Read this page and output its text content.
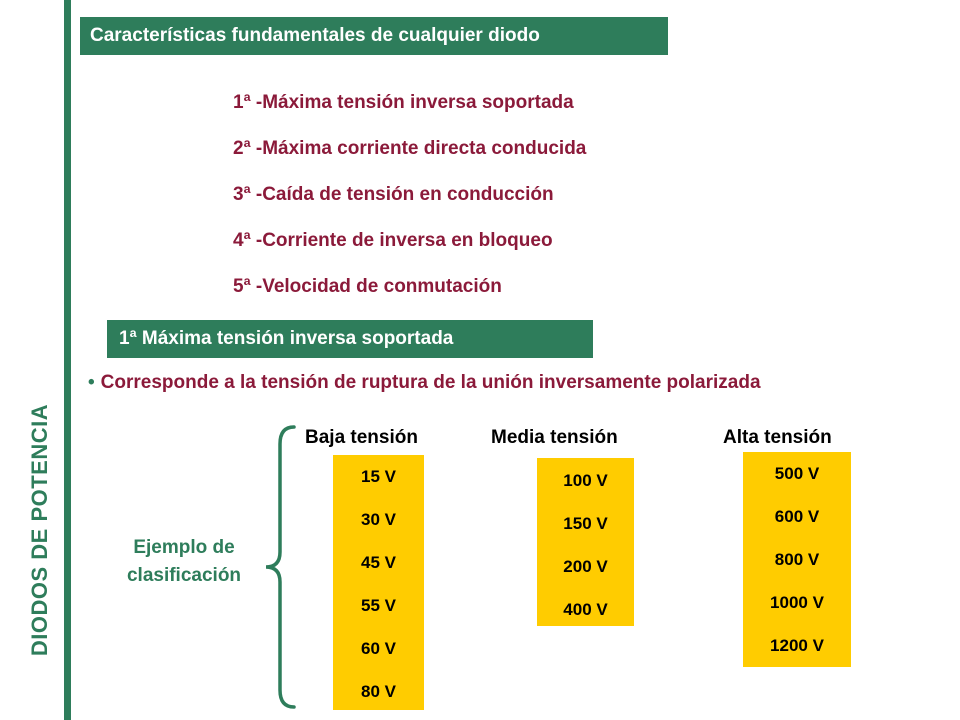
DIODOS DE POTENCIA
Características fundamentales de cualquier diodo
1ª -Máxima tensión inversa soportada
2ª -Máxima corriente directa conducida
3ª -Caída de tensión en conducción
4ª -Corriente de inversa en bloqueo
5ª -Velocidad de conmutación
1ª Máxima tensión inversa soportada
• Corresponde a la tensión de ruptura de la unión inversamente polarizada
Baja tensión	Media tensión	Alta tensión
15 V
30 V
45 V
55 V
60 V
80 V
100 V
150 V
200 V
400 V
500 V
600 V
800 V
1000 V
1200 V
Ejemplo de
clasificación
